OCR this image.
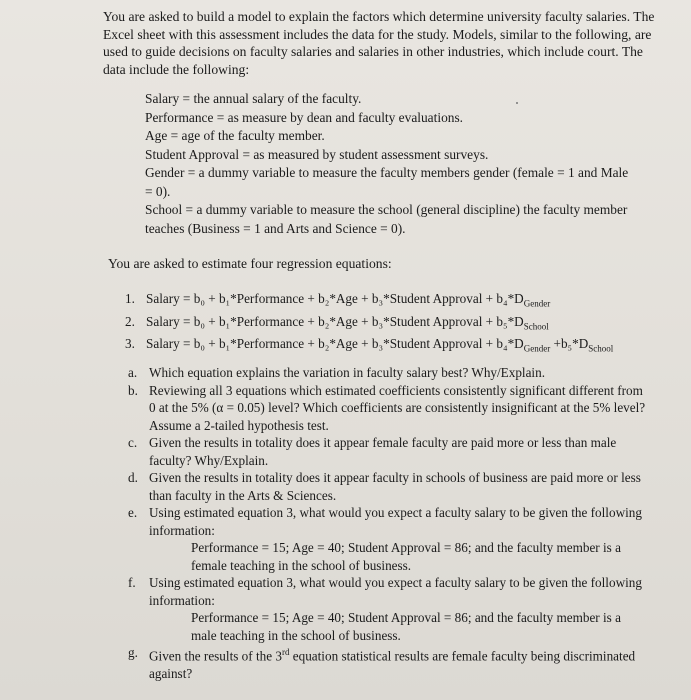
You are asked to build a model to explain the factors which determine university faculty salaries. The Excel sheet with this assessment includes the data for the study. Models, similar to the following, are used to guide decisions on faculty salaries and salaries in other industries, which include court. The data include the following:

Salary = the annual salary of the faculty.
Performance = as measure by dean and faculty evaluations.
Age = age of the faculty member.
Student Approval = as measured by student assessment surveys.
Gender = a dummy variable to measure the faculty members gender (female = 1 and Male = 0).
School = a dummy variable to measure the school (general discipline) the faculty member teaches (Business = 1 and Arts and Science = 0).

You are asked to estimate four regression equations:

1. Salary = b₀ + b₁*Performance + b₂*Age + b₃*Student Approval + $b_4*D_{Gender}$
2. Salary = b₀ + b₁*Performance + b₂*Age + b₃*Student Approval + $b_5*D_{School}$
3. Salary = b₀ + b₁*Performance + b₂*Age + b₃*Student Approval + $b_4*D_{Gender} +b_5*D_{School}$
a. Which equation explains the variation in faculty salary best? Why/Explain.
b. Reviewing all 3 equations which estimated coefficients consistently significant different from 0 at the 5% (α = 0.05) level? Which coefficients are consistently insignificant at the 5% level? Assume a 2-tailed hypothesis test.
c. Given the results in totality does it appear female faculty are paid more or less than male faculty? Why/Explain.
d. Given the results in totality does it appear faculty in schools of business are paid more or less than faculty in the Arts & Sciences.
e. Using estimated equation 3, what would you expect a faculty salary to be given the following information:
Performance = 15; Age = 40; Student Approval = 86; and the faculty member is a female teaching in the school of business.
f.	Using estimated equation 3, what would you expect a faculty salary to be given the following information:
Performance = 15; Age = 40; Student Approval = 86; and the faculty member is a male teaching in the school of business.
g. Given the results of the 3rd equation statistical results are female faculty being discriminated against?
